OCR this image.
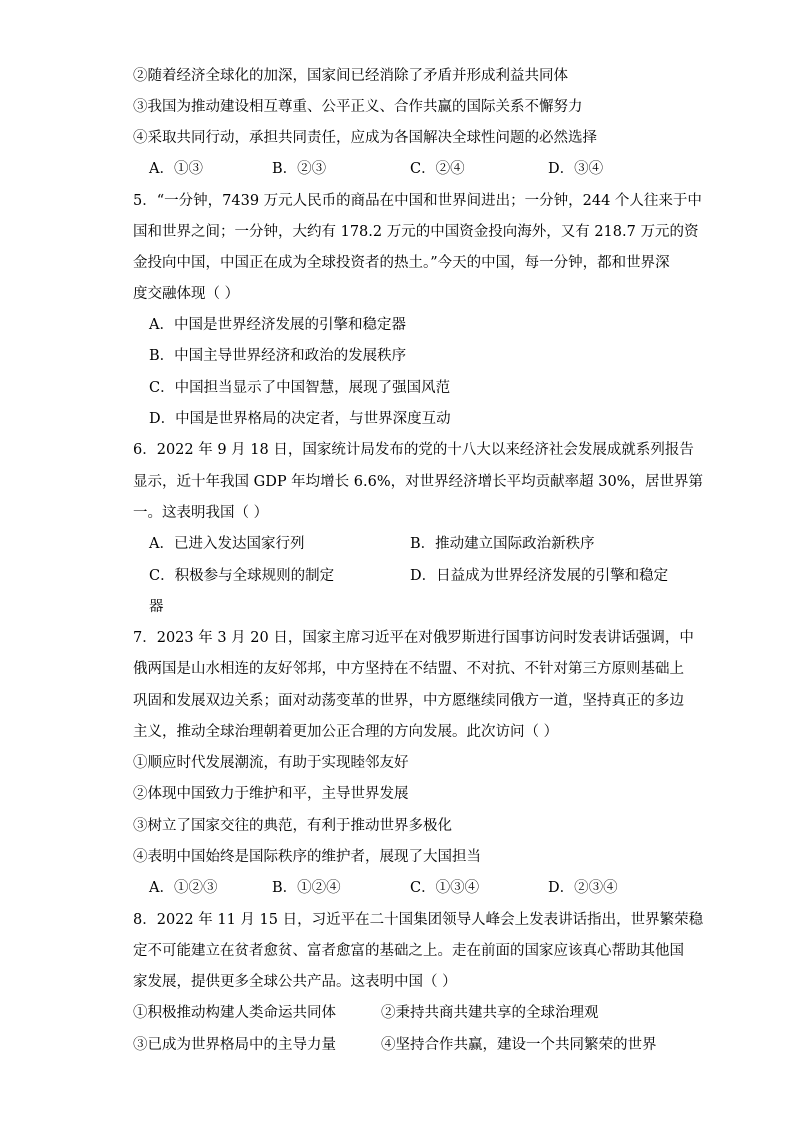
②随着经济全球化的加深，国家间已经消除了矛盾并形成利益共同体
③我国为推动建设相互尊重、公平正义、合作共赢的国际关系不懈努力
④采取共同行动，承担共同责任，应成为各国解决全球性问题的必然选择
A．①③	B．②③	C．②④	D．③④
5．“一分钟，7439 万元人民币的商品在中国和世界间进出；一分钟，244 个人往来于中
国和世界之间；一分钟，大约有 178.2 万元的中国资金投向海外，又有 218.7 万元的资
金投向中国，中国正在成为全球投资者的热土。”今天的中国，每一分钟，都和世界深
度交融体现（ ）
A．中国是世界经济发展的引擎和稳定器
B．中国主导世界经济和政治的发展秩序
C．中国担当显示了中国智慧，展现了强国风范
D．中国是世界格局的决定者，与世界深度互动
6．2022 年 9 月 18 日，国家统计局发布的党的十八大以来经济社会发展成就系列报告
显示，近十年我国 GDP 年均增长 6.6%，对世界经济增长平均贡献率超 30%，居世界第
一。这表明我国（ ）
A．已进入发达国家行列	B．推动建立国际政治新秩序
C．积极参与全球规则的制定	D．日益成为世界经济发展的引擎和稳定
器
7．2023 年 3 月 20 日，国家主席习近平在对俄罗斯进行国事访问时发表讲话强调，中
俄两国是山水相连的友好邻邦，中方坚持在不结盟、不对抗、不针对第三方原则基础上
巩固和发展双边关系；面对动荡变革的世界，中方愿继续同俄方一道，坚持真正的多边
主义，推动全球治理朝着更加公正合理的方向发展。此次访问（ ）
①顺应时代发展潮流，有助于实现睦邻友好
②体现中国致力于维护和平，主导世界发展
③树立了国家交往的典范，有利于推动世界多极化
④表明中国始终是国际秩序的维护者，展现了大国担当
A．①②③	B．①②④	C．①③④	D．②③④
8．2022 年 11 月 15 日，习近平在二十国集团领导人峰会上发表讲话指出，世界繁荣稳
定不可能建立在贫者愈贫、富者愈富的基础之上。走在前面的国家应该真心帮助其他国
家发展，提供更多全球公共产品。这表明中国（ ）
①积极推动构建人类命运共同体	②秉持共商共建共享的全球治理观
③已成为世界格局中的主导力量	④坚持合作共赢，建设一个共同繁荣的世界
